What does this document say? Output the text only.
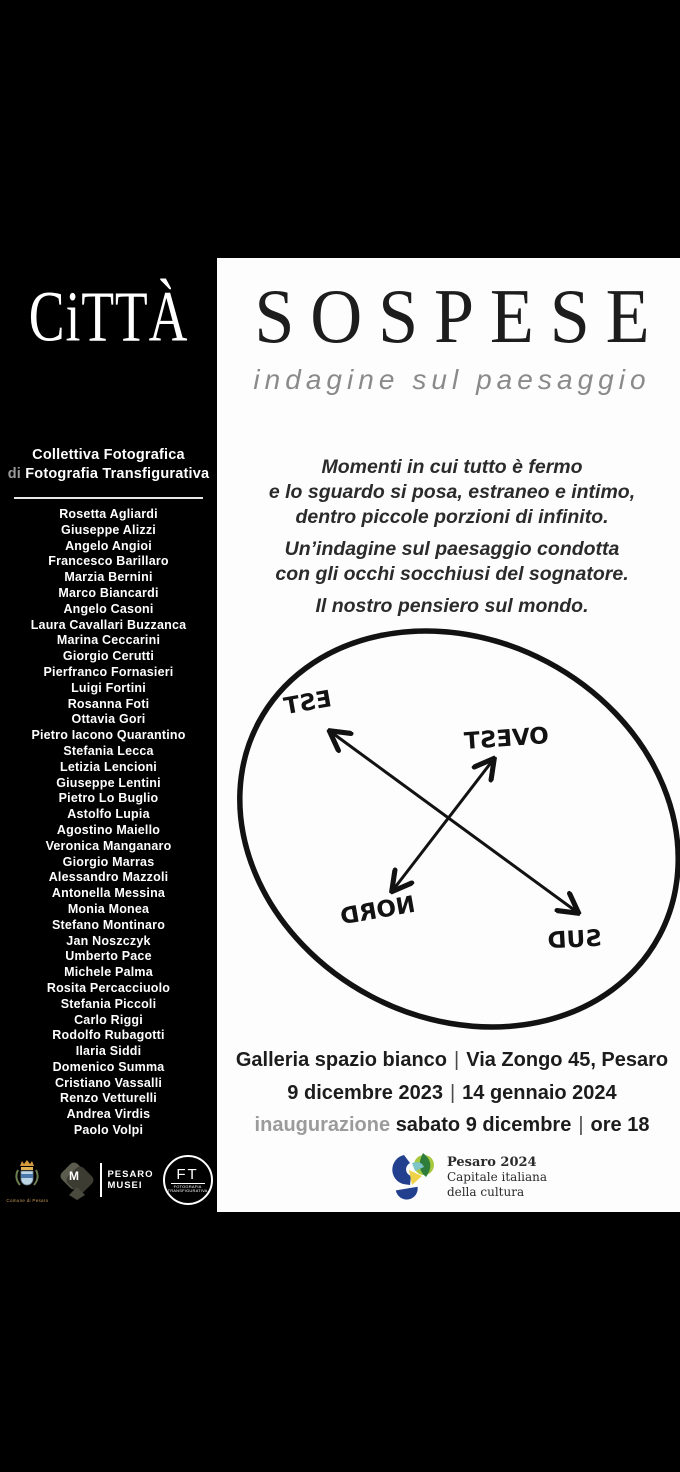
CiTTÀ SOSPESE
indagine sul paesaggio
Collettiva Fotografica
di Fotografia Transfigurativa
Rosetta Agliardi
Giuseppe Alizzi
Angelo Angioi
Francesco Barillaro
Marzia Bernini
Marco Biancardi
Angelo Casoni
Laura Cavallari Buzzanca
Marina Ceccarini
Giorgio Cerutti
Pierfranco Fornasieri
Luigi Fortini
Rosanna Foti
Ottavia Gori
Pietro Iacono Quarantino
Stefania Lecca
Letizia Lencioni
Giuseppe Lentini
Pietro Lo Buglio
Astolfo Lupia
Agostino Maiello
Veronica Manganaro
Giorgio Marras
Alessandro Mazzoli
Antonella Messina
Monia Monea
Stefano Montinaro
Jan Noszczyk
Umberto Pace
Michele Palma
Rosita Percacciuolo
Stefania Piccoli
Carlo Riggi
Rodolfo Rubagotti
Ilaria Siddi
Domenico Summa
Cristiano Vassalli
Renzo Vetturelli
Andrea Virdis
Paolo Volpi
Momenti in cui tutto è fermo
e lo sguardo si posa, estraneo e intimo,
dentro piccole porzioni di infinito.
Un’indagine sul paesaggio condotta
con gli occhi socchiusi del sognatore.
Il nostro pensiero sul mondo.
EST
OVEST
NORD
SUD
Galleria spazio bianco | Via Zongo 45, Pesaro
9 dicembre 2023 | 14 gennaio 2024
inaugurazione sabato 9 dicembre | ore 18
Pesaro 2024
Capitale italiana
della cultura
Comune di Pesaro
M	PESARO
MUSEI
FT
FOTOGRAFIA
TRANSFIGURATIVA
